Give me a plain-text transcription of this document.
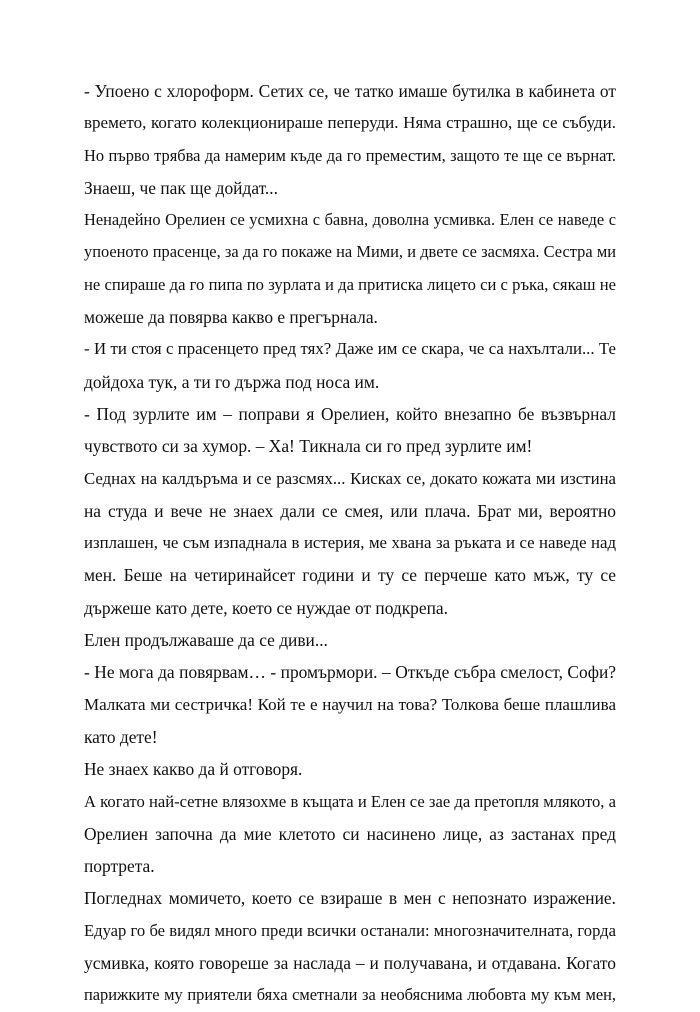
- Упоено с хлороформ. Сетих се, че татко имаше бутилка в кабинета от
времето, когато колекционираше пеперуди. Няма страшно, ще се събуди.
Но първо трябва да намерим къде да го преместим, защото те ще се върнат.
Знаеш, че пак ще дойдат...
Ненадейно Орелиен се усмихна с бавна, доволна усмивка. Елен се наведе с
упоеното прасенце, за да го покаже на Мими, и двете се засмяха. Сестра ми
не спираше да го пипа по зурлата и да притиска лицето си с ръка, сякаш не
можеше да повярва какво е прегърнала.
- И ти стоя с прасенцето пред тях? Даже им се скара, че са нахълтали... Те
дойдоха тук, а ти го държа под носа им.
- Под зурлите им – поправи я Орелиен, който внезапно бе възвърнал
чувството си за хумор. – Ха! Тикнала си го пред зурлите им!
Седнах на калдъръма и се разсмях... Кисках се, докато кожата ми изстина
на студа и вече не знаех дали се смея, или плача. Брат ми, вероятно
изплашен, че съм изпаднала в истерия, ме хвана за ръката и се наведе над
мен. Беше на четиринайсет години и ту се перчеше като мъж, ту се
държеше като дете, което се нуждае от подкрепа.
Елен продължаваше да се диви...
- Не мога да повярвам… - промърмори. – Откъде събра смелост, Софи?
Малката ми сестричка! Кой те е научил на това? Толкова беше плашлива
като дете!
Не знаех какво да й отговоря.
А когато най-сетне влязохме в къщата и Елен се зае да претопля млякото, а
Орелиен започна да мие клетото си насинено лице, аз застанах пред
портрета.
Погледнах момичето, което се взираше в мен с непознато изражение.
Едуар го бе видял много преди всички останали: многозначителната, горда
усмивка, която говореше за наслада – и получавана, и отдавана. Когато
парижките му приятели бяха сметнали за необяснима любовта му към мен,
